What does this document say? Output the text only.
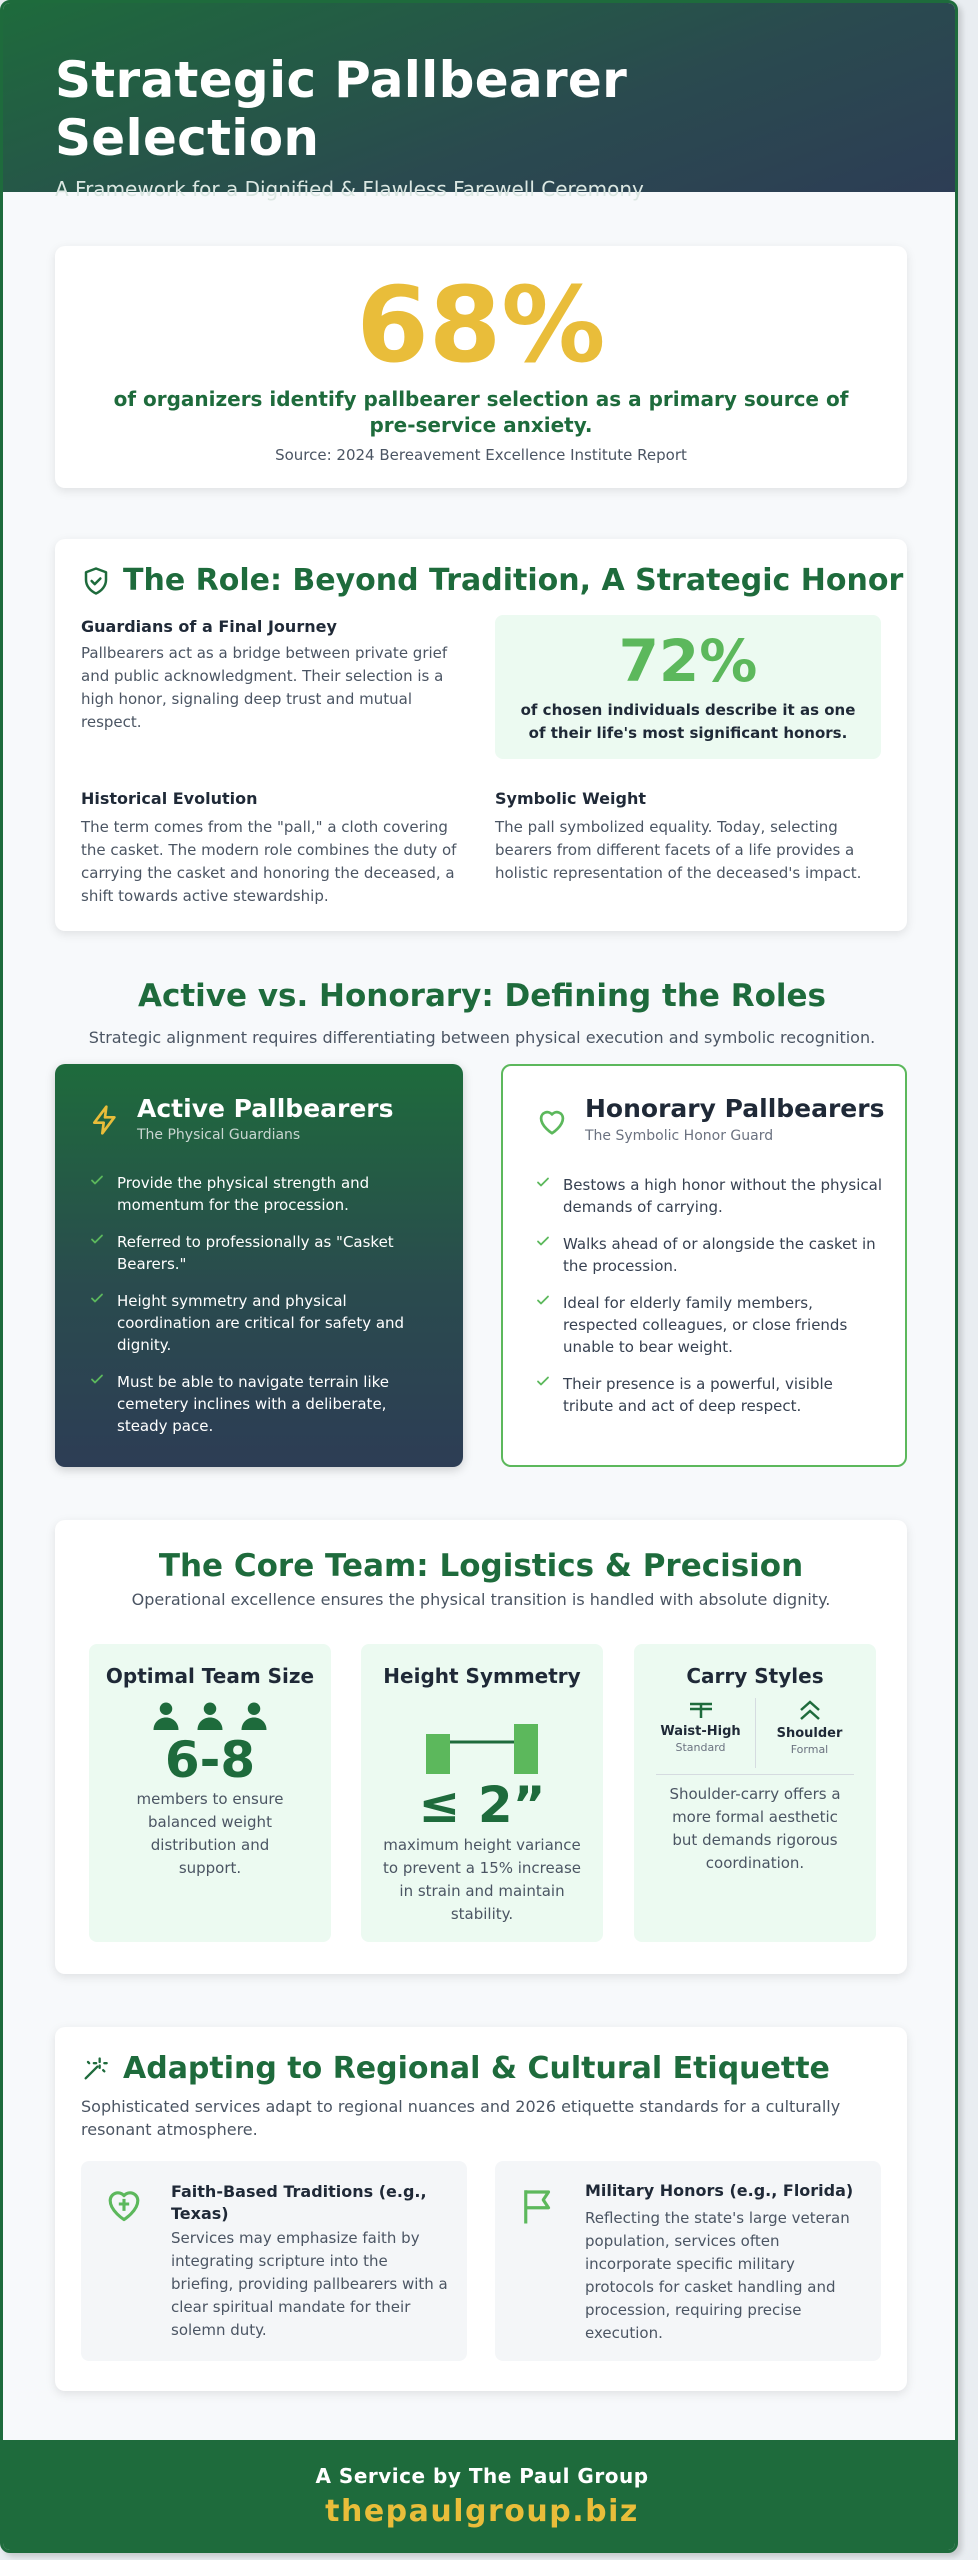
Strategic Pallbearer Selection
A Framework for a Dignified & Flawless Farewell Ceremony
68%
of organizers identify pallbearer selection as a primary source of pre-service anxiety.
Source: 2024 Bereavement Excellence Institute Report
The Role: Beyond Tradition, A Strategic Honor
Guardians of a Final Journey
Pallbearers act as a bridge between private grief and public acknowledgment. Their selection is a high honor, signaling deep trust and mutual respect.
72%
of chosen individuals describe it as one of their life's most significant honors.
Historical Evolution
The term comes from the "pall," a cloth covering the casket. The modern role combines the duty of carrying the casket and honoring the deceased, a shift towards active stewardship.
Symbolic Weight
The pall symbolized equality. Today, selecting bearers from different facets of a life provides a holistic representation of the deceased's impact.
Active vs. Honorary: Defining the Roles
Strategic alignment requires differentiating between physical execution and symbolic recognition.
Active Pallbearers
The Physical Guardians
Provide the physical strength and momentum for the procession.
Referred to professionally as "Casket Bearers."
Height symmetry and physical coordination are critical for safety and dignity.
Must be able to navigate terrain like cemetery inclines with a deliberate, steady pace.
Honorary Pallbearers
The Symbolic Honor Guard
Bestows a high honor without the physical demands of carrying.
Walks ahead of or alongside the casket in the procession.
Ideal for elderly family members, respected colleagues, or close friends unable to bear weight.
Their presence is a powerful, visible tribute and act of deep respect.
The Core Team: Logistics & Precision
Operational excellence ensures the physical transition is handled with absolute dignity.
Optimal Team Size
6-8
members to ensure balanced weight distribution and support.
Height Symmetry
≤ 2”
maximum height variance to prevent a 15% increase in strain and maintain stability.
Carry Styles
Waist-High
Standard
Shoulder
Formal
Shoulder-carry offers a more formal aesthetic but demands rigorous coordination.
Adapting to Regional & Cultural Etiquette
Sophisticated services adapt to regional nuances and 2026 etiquette standards for a culturally resonant atmosphere.
Faith-Based Traditions (e.g., Texas)
Services may emphasize faith by integrating scripture into the briefing, providing pallbearers with a clear spiritual mandate for their solemn duty.
Military Honors (e.g., Florida)
Reflecting the state's large veteran population, services often incorporate specific military protocols for casket handling and procession, requiring precise execution.
A Service by The Paul Group
thepaulgroup.biz
